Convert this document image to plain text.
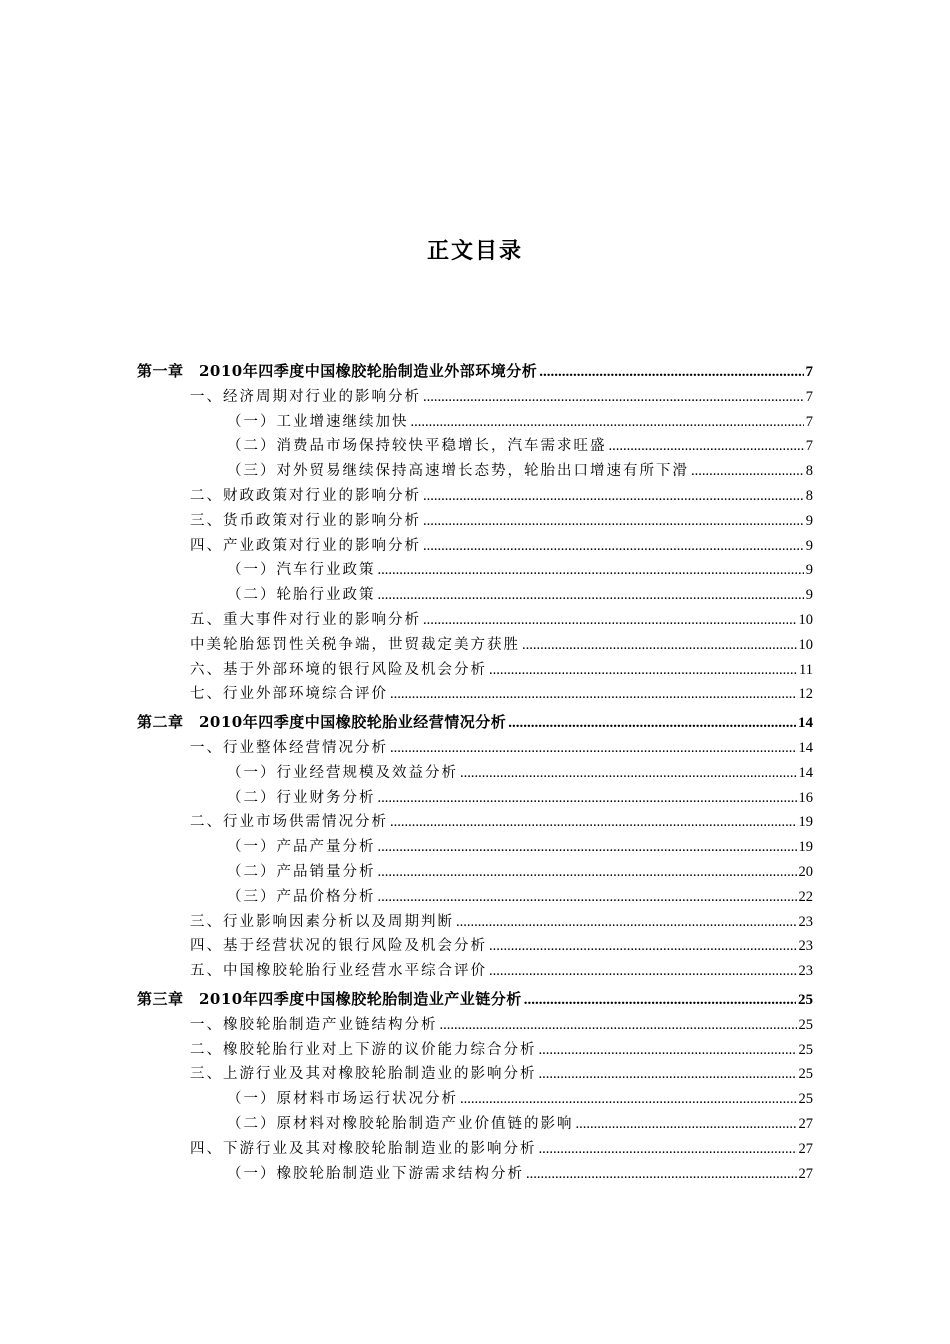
正文目录
第一章　2010年四季度中国橡胶轮胎制造业外部环境分析 .....	7
一、经济周期对行业的影响分析 .....	7
（一）工业增速继续加快 .....	7
（二）消费品市场保持较快平稳增长，汽车需求旺盛 .....	7
（三）对外贸易继续保持高速增长态势，轮胎出口增速有所下滑 .....	8
二、财政政策对行业的影响分析 .....	8
三、货币政策对行业的影响分析 .....	9
四、产业政策对行业的影响分析 .....	9
（一）汽车行业政策 .....	9
（二）轮胎行业政策 .....	9
五、重大事件对行业的影响分析 .....	10
中美轮胎惩罚性关税争端，世贸裁定美方获胜 .....	10
六、基于外部环境的银行风险及机会分析 .....	11
七、行业外部环境综合评价 .....	12
第二章　2010年四季度中国橡胶轮胎业经营情况分析 .....	14
一、行业整体经营情况分析 .....	14
（一）行业经营规模及效益分析 .....	14
（二）行业财务分析 .....	16
二、行业市场供需情况分析 .....	19
（一）产品产量分析 .....	19
（二）产品销量分析 .....	20
（三）产品价格分析 .....	22
三、行业影响因素分析以及周期判断 .....	23
四、基于经营状况的银行风险及机会分析 .....	23
五、中国橡胶轮胎行业经营水平综合评价 .....	23
第三章　2010年四季度中国橡胶轮胎制造业产业链分析 .....	25
一、橡胶轮胎制造产业链结构分析 .....	25
二、橡胶轮胎行业对上下游的议价能力综合分析 .....	25
三、上游行业及其对橡胶轮胎制造业的影响分析 .....	25
（一）原材料市场运行状况分析 .....	25
（二）原材料对橡胶轮胎制造产业价值链的影响 .....	27
四、下游行业及其对橡胶轮胎制造业的影响分析 .....	27
（一）橡胶轮胎制造业下游需求结构分析 .....	27
